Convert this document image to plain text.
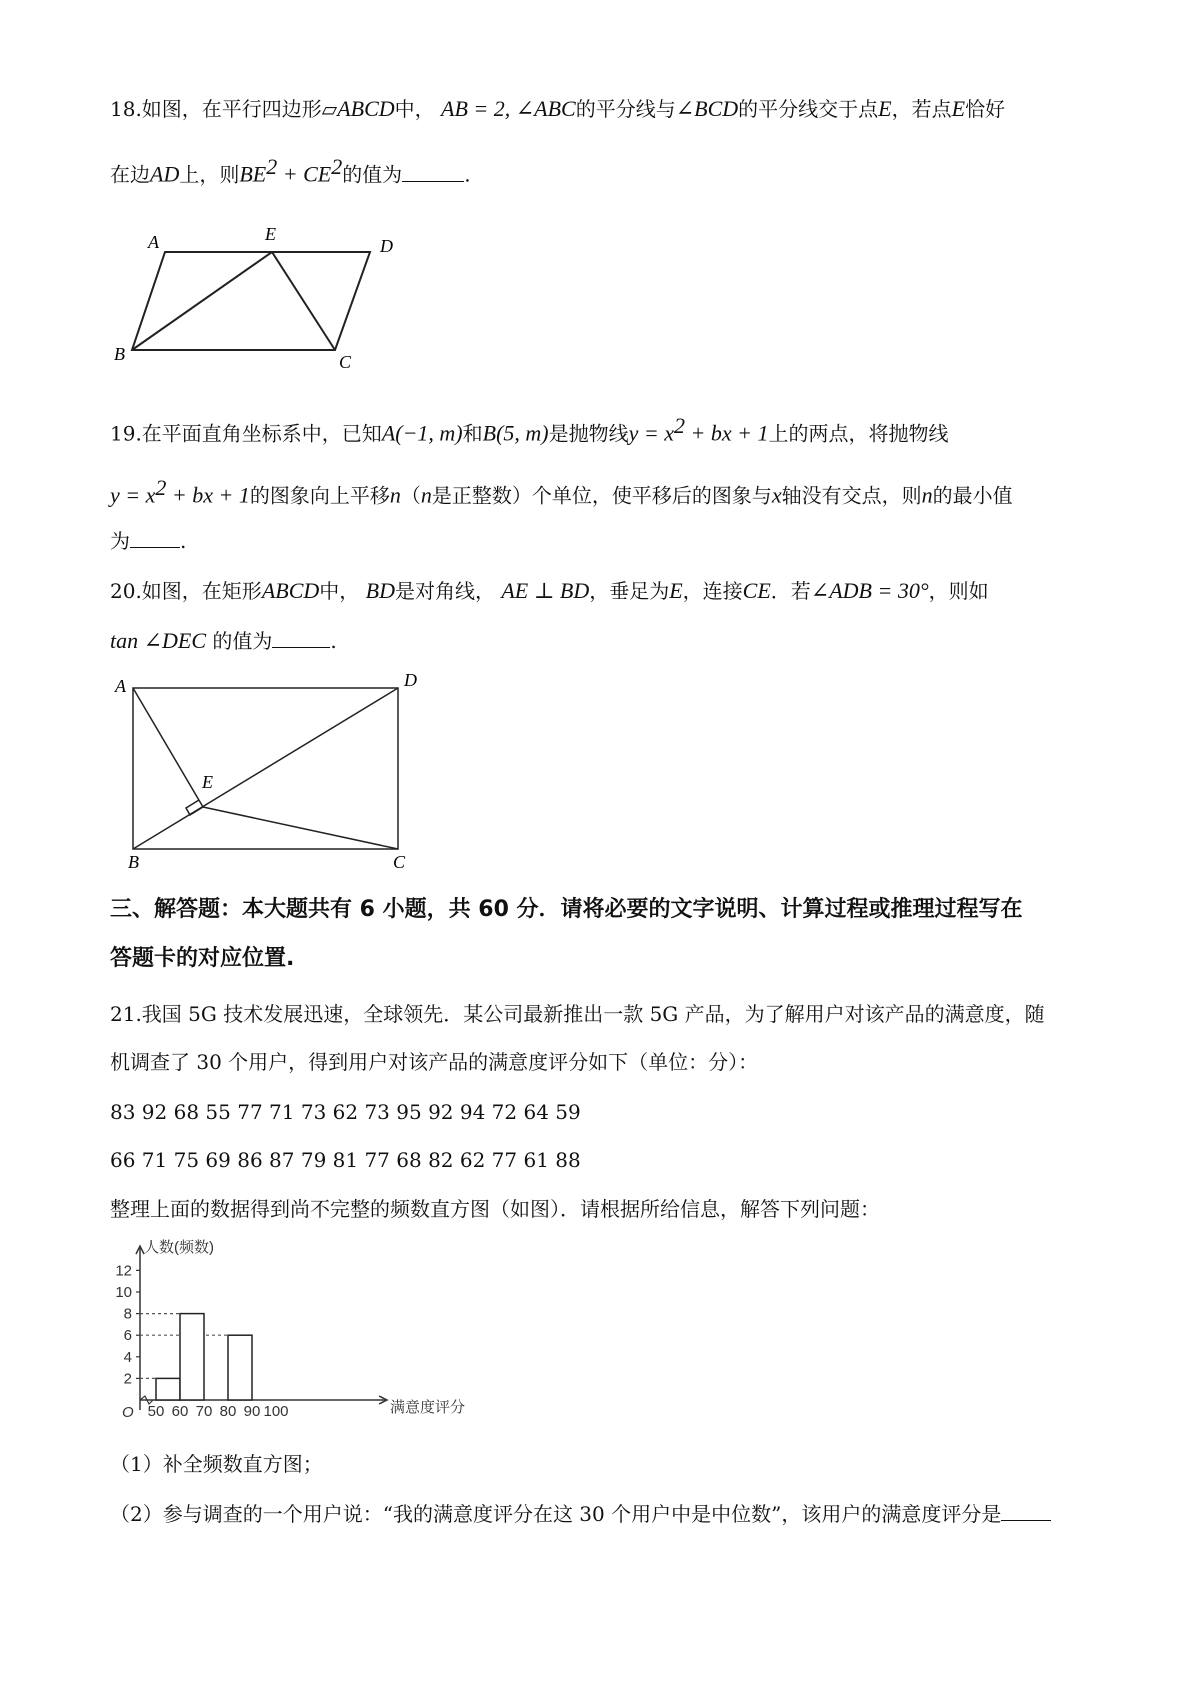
18.如图，在平行四边形▱ABCD中， AB = 2, ∠ABC的平分线与∠BCD的平分线交于点E，若点E恰好
在边AD上，则$BE^2 + CE^2$的值为	.
A	E
D
B	C
19.在平面直角坐标系中，已知A(−1, m)和B(5, m)是抛物线$y = x^2$ + bx + 1上的两点，将抛物线
$y = x^2$ + bx + 1的图象向上平移n（n是正整数）个单位，使平移后的图象与x轴没有交点，则n的最小值
为	.
20.如图，在矩形ABCD中， BD是对角线， AE ⊥ BD，垂足为E，连接CE．若∠ADB = 30°，则如
tan ∠DEC 的值为	.
A	D
E
B	C
三、解答题：本大题共有 6 小题，共 60 分．请将必要的文字说明、计算过程或推理过程写在
答题卡的对应位置.
21.我国 5G 技术发展迅速，全球领先．某公司最新推出一款 5G 产品，为了解用户对该产品的满意度，随
机调查了 30 个用户，得到用户对该产品的满意度评分如下（单位：分）：
83 92 68 55 77 71 73 62 73 95 92 94 72 64 59
66 71 75 69 86 87 79 81 77 68 82 62 77 61 88
整理上面的数据得到尚不完整的频数直方图（如图）．请根据所给信息，解答下列问题：
人数(频数)
满意度评分
O
2
4
6
8
10
12
50 60 70 80 90 100
（1）补全频数直方图；
（2）参与调查的一个用户说：“我的满意度评分在这 30 个用户中是中位数”，该用户的满意度评分是
